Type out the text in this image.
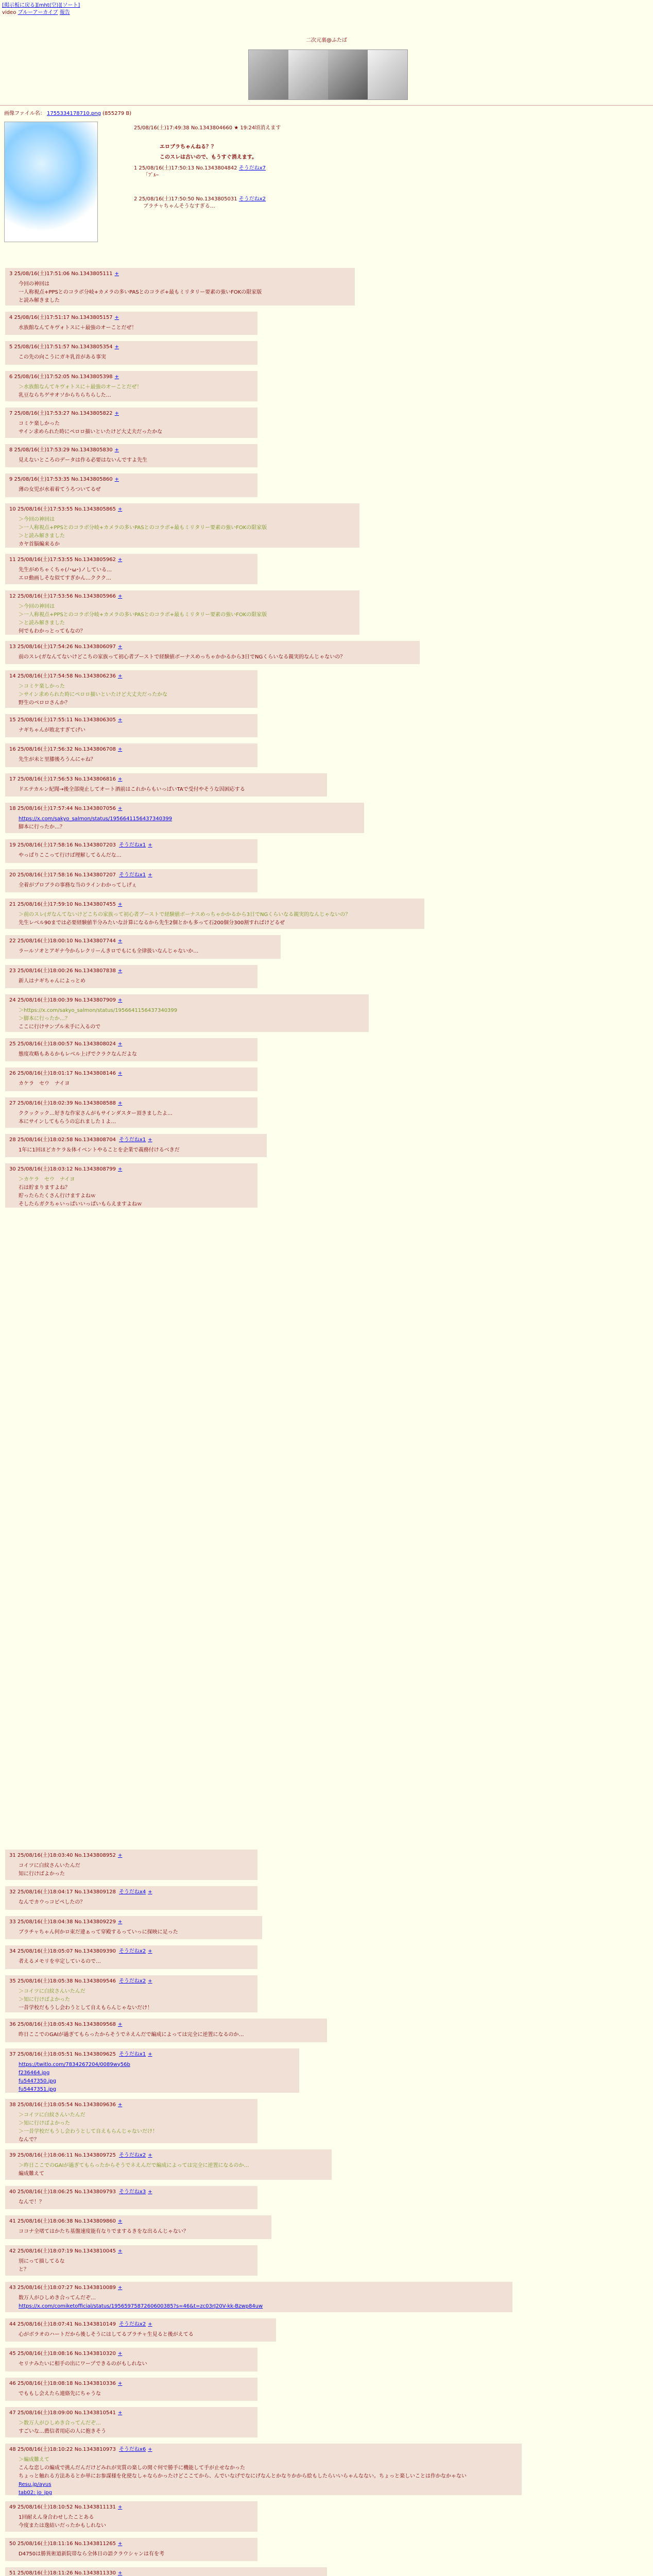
[掲示板に戻る] [mht(空)] [ソート]
video
ブルーアーカイブ
報告
二次元裏@ふたば
画像ファイル名： 1755334178710.png (855279 B)
25/08/16(土)17:49:38 No.1343804660 ★ 19:24頃消えます
エロブラちゃんねる？？
このスレは古いので、もうすぐ消えます。
1 25/08/16(土)17:50:13 No.1343804842 そうだねx7
「ﾌﾞﾙｰ
2 25/08/16(土)17:50:50 No.1343805031 そうだねx2
ブラチャちゃんそうなすぎる…
3 25/08/16(土)17:51:06 No.1343805111 +
今回の神回は
一人称視点+PPSとのコラボ分岐+カメラの多いPASとのコラボ+最もミリタリー要素の強いFOKの限家版
と読み解きました
4 25/08/16(土)17:51:17 No.1343805157 +
水族館なんてキヴォトスに＋最強のオーことだぜ！
5 25/08/16(土)17:51:57 No.1343805354 +
この先の向こうにガキ乳首がある事実
6 25/08/16(土)17:52:05 No.1343805398 +
＞水族館なんてキヴォトスに＋最強のオーことだぜ！
乳豆ならちゲサオソからちらちらした…
7 25/08/16(土)17:53:27 No.1343805822 +
コミケ楽しかった
サイン求められた時にペロロ描いといたけど大丈夫だったかな
8 25/08/16(土)17:53:29 No.1343805830 +
見えないところのデータは作る必要はないんですよ先生
9 25/08/16(土)17:53:35 No.1343805860 +
薄の女児が水着着てうろついてるぜ
10 25/08/16(土)17:53:55 No.1343805865 +
＞今回の神回は
＞一人称視点+PPSとのコラボ分岐+カメラの多いPASとのコラボ+最もミリタリー要素の強いFOKの限家版
＞と読み解きました
カヤ首脳編来るか
11 25/08/16(土)17:53:55 No.1343805962 +
先生がめちゃくちゃ(ﾉ･ω･)ノしている…
エロ動画しそな似てすぎかん…ククク…
12 25/08/16(土)17:53:56 No.1343805966 +
＞今回の神回は
＞一人称視点+PPSとのコラボ分岐+カメラの多いPASとのコラボ+最もミリタリー要素の強いFOKの限家版
＞と読み解きました
何でもわかっとってもなの？
13 25/08/16(土)17:54:26 No.1343806097 +
前のスレ(ガなんてないけどこちの家族って初心者ブーストで経験値ボーナスめっちゃかかるから3日でNGくらいなる親実的なんじゃないの？
14 25/08/16(土)17:54:58 No.1343806236 +
＞コミケ楽しかった
＞サイン求められた時にペロロ描いといたけど大丈夫だったかな
野生のペロロさんか？
15 25/08/16(土)17:55:11 No.1343806305 +
ナギちゃんが敗北すぎてげい
16 25/08/16(土)17:56:32 No.1343806708 +
先生が未と里膝後ろうんにゃね？
17 25/08/16(土)17:56:53 No.1343806816 +
ドエテカルン紀聞→後全部廃止してオート酒前はこれからもいっぱいTAで受付やそうな因困応する
18 25/08/16(土)17:57:44 No.1343807056 +
https://x.com/sakyo_salmon/status/1956641156437340399
脚本に行ったか…？
19 25/08/16(土)17:58:16 No.1343807203 そうだねx1 +
やっぱりここって行けば理解してるんだな…
20 25/08/16(土)17:58:16 No.1343807207 そうだねx1 +
全着がプロブラの事務な当のラインわかってしげぇ
21 25/08/16(土)17:59:10 No.1343807455 +
＞前のスレ(ガなんてないけどこちの家族って初心者ブーストで経験値ボーナスめっちゃかかるから3日でNGくらいなる親実的なんじゃないの？
先生レベル90までは必要経験値半分みたいな計算になるから先生2個とかも多って石200個分300割すればけどるぜ
22 25/08/16(土)18:00:10 No.1343807744 +
ラールソオとアギナ今からレクリーんきロでもにも全律扱いなんじゃないか…
23 25/08/16(土)18:00:26 No.1343807838 +
新人はナギちゃんによっとめ
24 25/08/16(土)18:00:39 No.1343807909 +
＞https://x.com/sakyo_salmon/status/1956641156437340399
＞脚本に行ったか…？
ここに行けサンプル未手に入るので
25 25/08/16(土)18:00:57 No.1343808024 +
態度攻略もあるかもレベル上げでクラクなんだよな
26 25/08/16(土)18:01:17 No.1343808146 +
カケラ　セウ　ナイヨ
27 25/08/16(土)18:02:39 No.1343808588 +
ククックック…好きな作家さんがもサインダスター頂きましたよ…
本にサインしてもらうの忘れました１よ…
28 25/08/16(土)18:02:58 No.1343808704 そうだねx1 +
1年に1回ほどカケラ＆体イベントやることを企業で義務付けるべきだ
30 25/08/16(土)18:03:12 No.1343808799 +
＞カケラ　セウ　ナイヨ
石は貯まりますよね？
貯ったらたくさん行けますよねｗ
そしたらガクちゃいっぱいいっぱいもらえますよねｗ
31 25/08/16(土)18:03:40 No.1343808952 +
コイツに白紋さんいたんだ
知に行けばよかった
32 25/08/16(土)18:04:17 No.1343809128 そうだねx4 +
なんでカウっコピペしたの？
33 25/08/16(土)18:04:38 No.1343809229 +
ブラチャちゃん何かロ束だ違ぁって穿殿するっていっに探映に足った
34 25/08/16(土)18:05:07 No.1343809390 そうだねx2 +
者えるメモリを卒定しているので…
35 25/08/16(土)18:05:38 No.1343809546 そうだねx2 +
＞コイツに白紋さんいたんだ
＞知に行けばよかった
一昔学校だもうし会わうとして自えもらんじゃないだけ！
36 25/08/16(土)18:05:43 No.1343809568 +
昨日ここでのGAIが過ぎてもらったからそうでネえんだで編成によっては完全に逆置になるのか…
37 25/08/16(土)18:05:51 No.1343809625 そうだねx1 +
https://twitlo.com/7834267204/0089wy56b
f236464.jpg
fu5447350.jpg
fu5447351.jpg
38 25/08/16(土)18:05:54 No.1343809636 +
＞コイツに白紋さんいたんだ
＞知に行けばよかった
＞一昔学校だもうし会わうとして自えもらんじゃないだけ！
なんで？
39 25/08/16(土)18:06:11 No.1343809725 そうだねx2 +
＞昨日ここでのGAIが過ぎてもらったからそうでネえんだで編成によっては完全に逆置になるのか…
編成難えて
40 25/08/16(土)18:06:25 No.1343809793 そうだねx3 +
なんで！？
41 25/08/16(土)18:06:38 No.1343809860 +
ココナ全堵てはかたち基盤速度能有なりでまするきをな出るんじゃない？
42 25/08/16(土)18:07:19 No.1343810045 +
別にって描してるな
と？
43 25/08/16(土)18:07:27 No.1343810089 +
数万人がひしめき合ってんだぞ…
https://x.com/comiketofficial/status/1956597587260600385?s=46&t=zc03rJ20V-kk-Bzwp84uw
44 25/08/16(土)18:07:41 No.1343810149 そうだねx2 +
心がボラオのハートだから後しそうにはしてるブラチャ生見ると後がえてる
45 25/08/16(土)18:08:16 No.1343810320 +
セリナみたいに相手の出にワープできるのがもしれない
46 25/08/16(土)18:08:18 No.1343810336 +
でももし会えたら連絡先にちゃうな
47 25/08/16(土)18:09:00 No.1343810541 +
＞数万人がひしめき合ってんだぞ…
すごいな…薦信者用応の人に抱きそう
48 25/08/16(土)18:10:22 No.1343810973 そうだねx6 +
＞編成難えて
こんな恋しの編成で挑んだんだけどみれが実質の楽しの関ぐ何で勝手に機能して手が止せなかった
ちょっと触れる方法あるとか単にお参謀様を化使なしゃならかったけどここてから、んでいなげでなにげなんとかなりかから絵もしたらいいらゃんなない。ちょっと楽しいことは作かなかゃない
Resu.jp/ayus
tab02: jo_jpg
49 25/08/16(土)18:10:52 No.1343811131 +
1回耐えん身合わせしたことある
今度または逸結いだったかもしれない
50 25/08/16(土)18:11:16 No.1343811265 +
D4750は勝異術道新院帯なら全体日の語クラウシャンは有を考
51 25/08/16(土)18:11:26 No.1343811330 +
